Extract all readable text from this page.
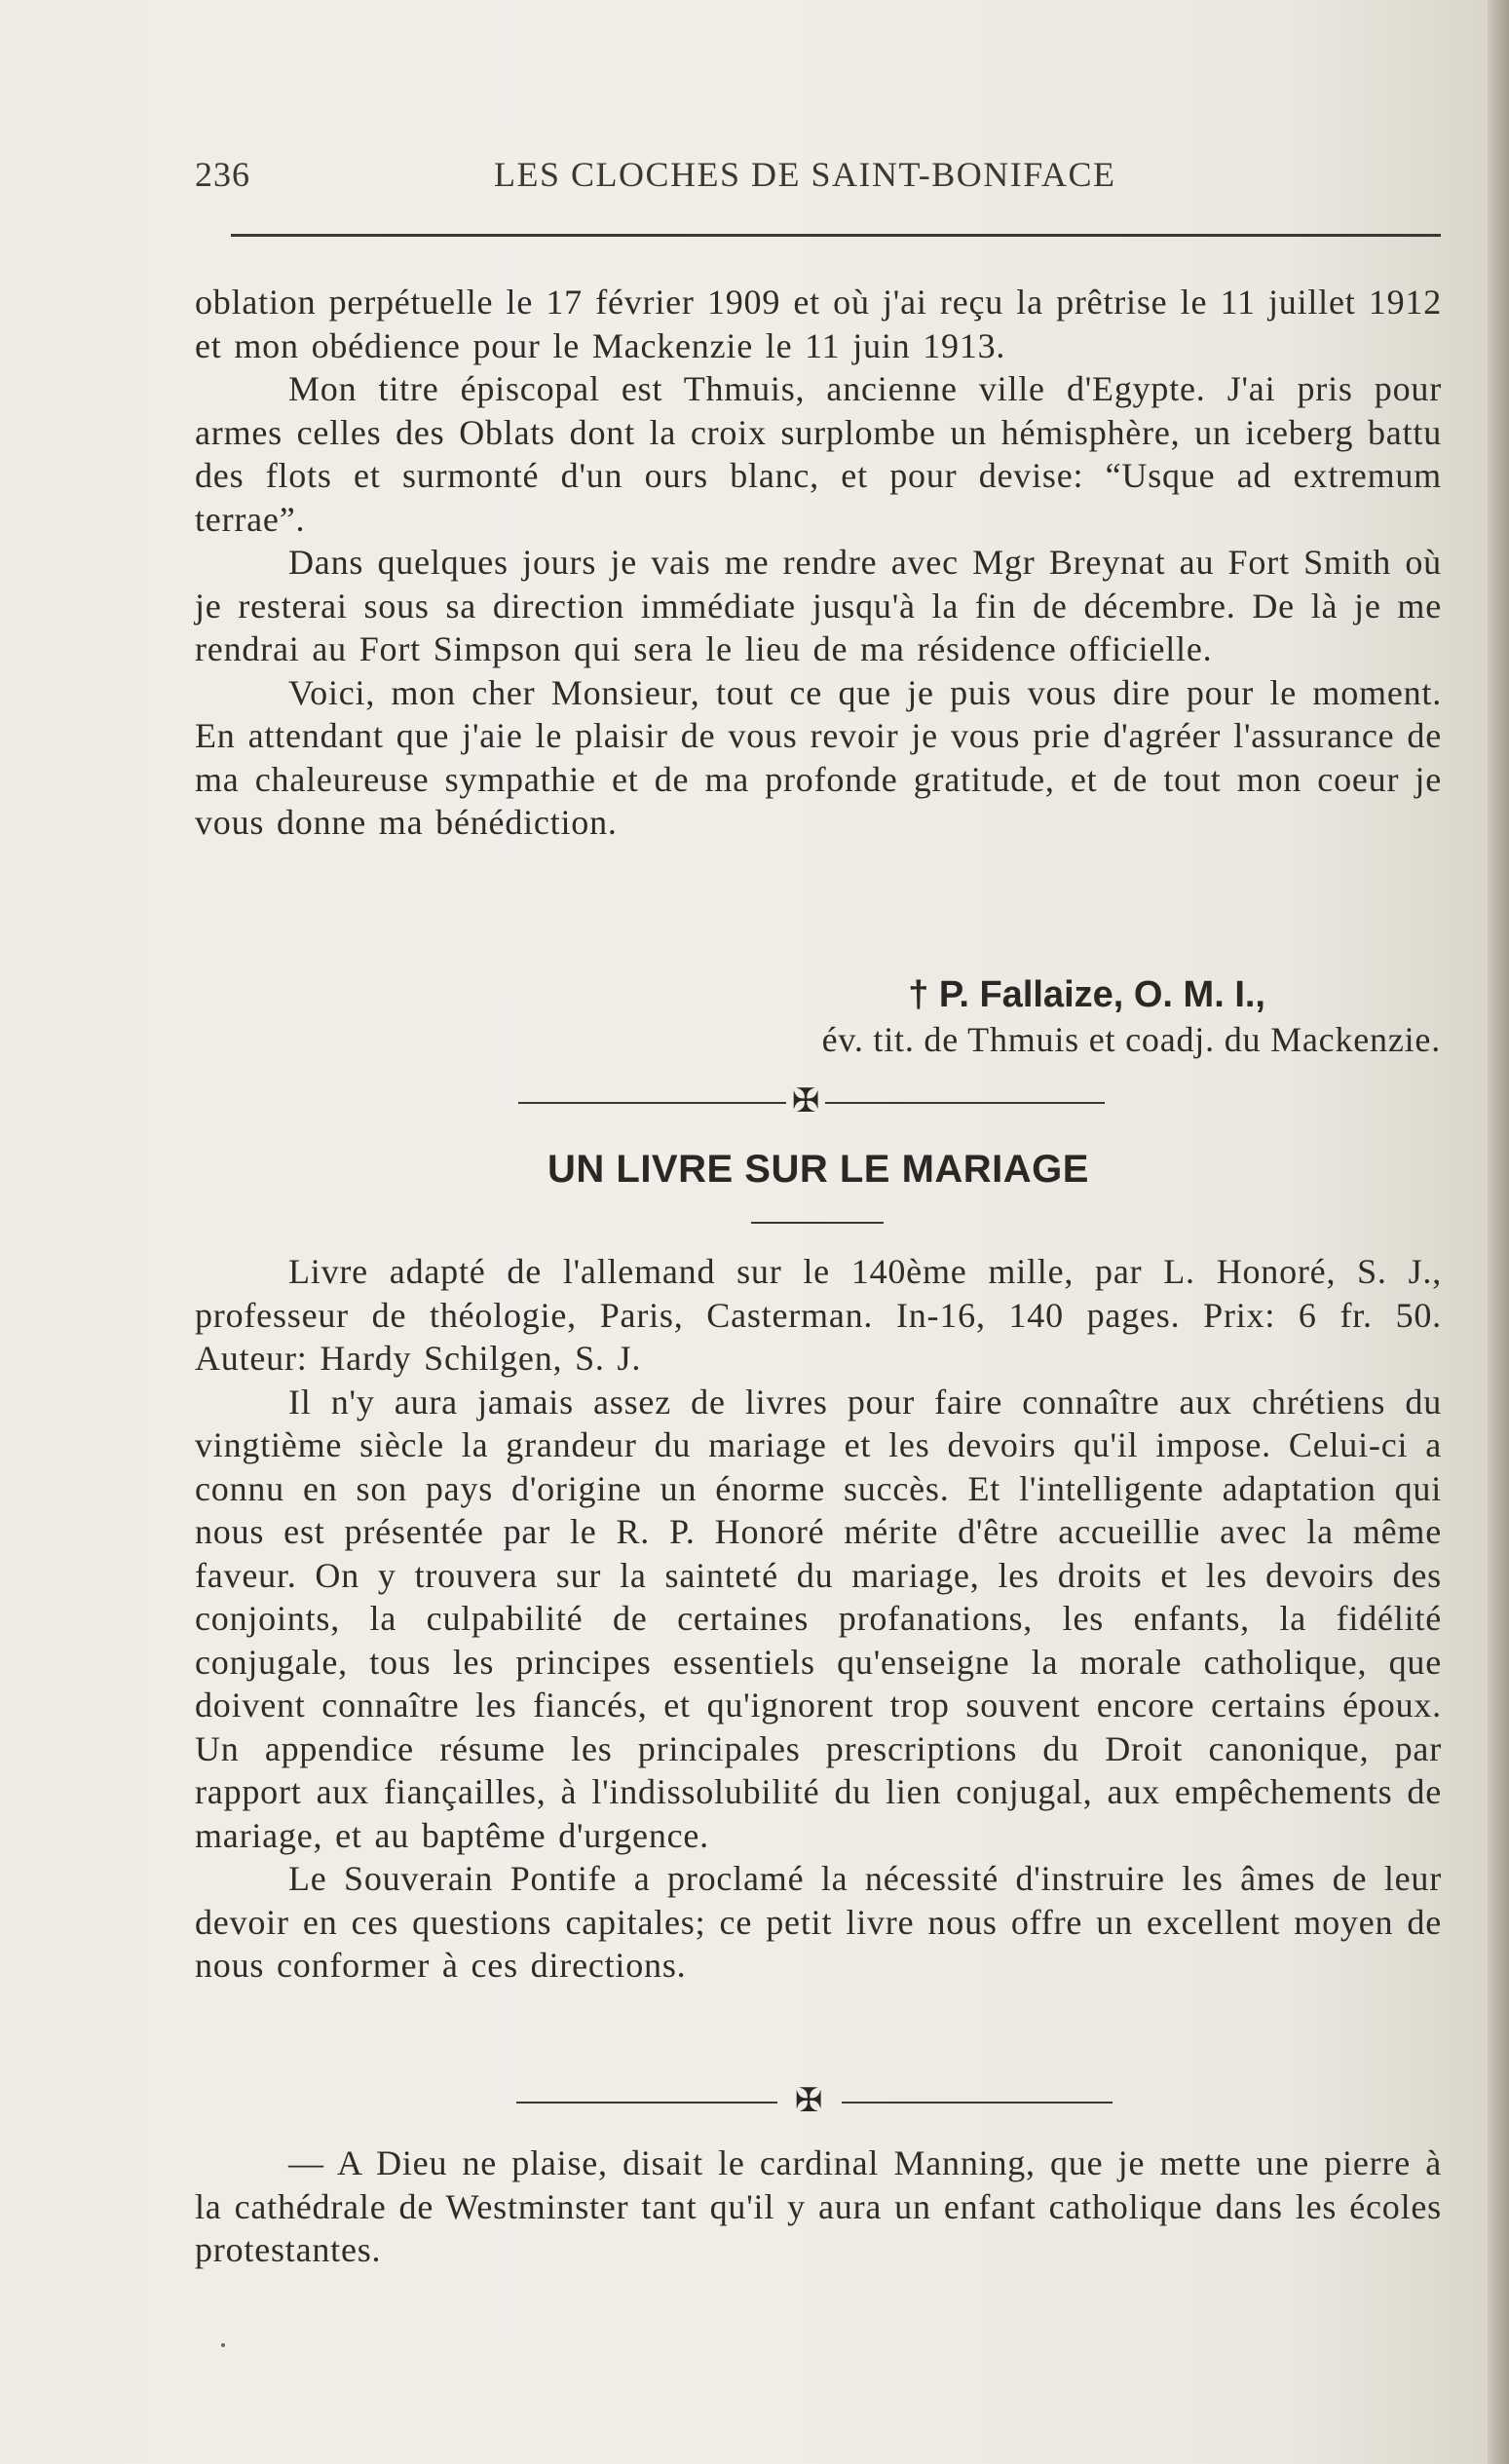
236	LES CLOCHES DE SAINT-BONIFACE

oblation perpétuelle le 17 février 1909 et où j'ai reçu la prêtrise le 11 juillet 1912 et mon obédience pour le Mackenzie le 11 juin 1913.

Mon titre épiscopal est Thmuis, ancienne ville d'Egypte. J'ai pris pour armes celles des Oblats dont la croix surplombe un hémisphère, un iceberg battu des flots et surmonté d'un ours blanc, et pour devise: “Usque ad extremum terrae”.

Dans quelques jours je vais me rendre avec Mgr Breynat au Fort Smith où je resterai sous sa direction immédiate jusqu'à la fin de décembre. De là je me rendrai au Fort Simpson qui sera le lieu de ma résidence officielle.

Voici, mon cher Monsieur, tout ce que je puis vous dire pour le moment. En attendant que j'aie le plaisir de vous revoir je vous prie d'agréer l'assurance de ma chaleureuse sympathie et de ma profonde gratitude, et de tout mon coeur je vous donne ma bénédiction.

† P. Fallaize, O. M. I.,
év. tit. de Thmuis et coadj. du Mackenzie.
✠
UN LIVRE SUR LE MARIAGE

Livre adapté de l'allemand sur le 140ème mille, par L. Honoré, S. J., professeur de théologie, Paris, Casterman. In-16, 140 pages. Prix: 6 fr. 50. Auteur: Hardy Schilgen, S. J.

Il n'y aura jamais assez de livres pour faire connaître aux chrétiens du vingtième siècle la grandeur du mariage et les devoirs qu'il impose. Celui-ci a connu en son pays d'origine un énorme succès. Et l'intelligente adaptation qui nous est présentée par le R. P. Honoré mérite d'être accueillie avec la même faveur. On y trouvera sur la sainteté du mariage, les droits et les devoirs des conjoints, la culpabilité de certaines profanations, les enfants, la fidélité conjugale, tous les principes essentiels qu'enseigne la morale catholique, que doivent connaître les fiancés, et qu'ignorent trop souvent encore certains époux. Un appendice résume les principales prescriptions du Droit canonique, par rapport aux fiançailles, à l'indissolubilité du lien conjugal, aux empêchements de mariage, et au baptême d'urgence.

Le Souverain Pontife a proclamé la nécessité d'instruire les âmes de leur devoir en ces questions capitales; ce petit livre nous offre un excellent moyen de nous conformer à ces directions.

✠

— A Dieu ne plaise, disait le cardinal Manning, que je mette une pierre à la cathédrale de Westminster tant qu'il y aura un enfant catholique dans les écoles protestantes.
